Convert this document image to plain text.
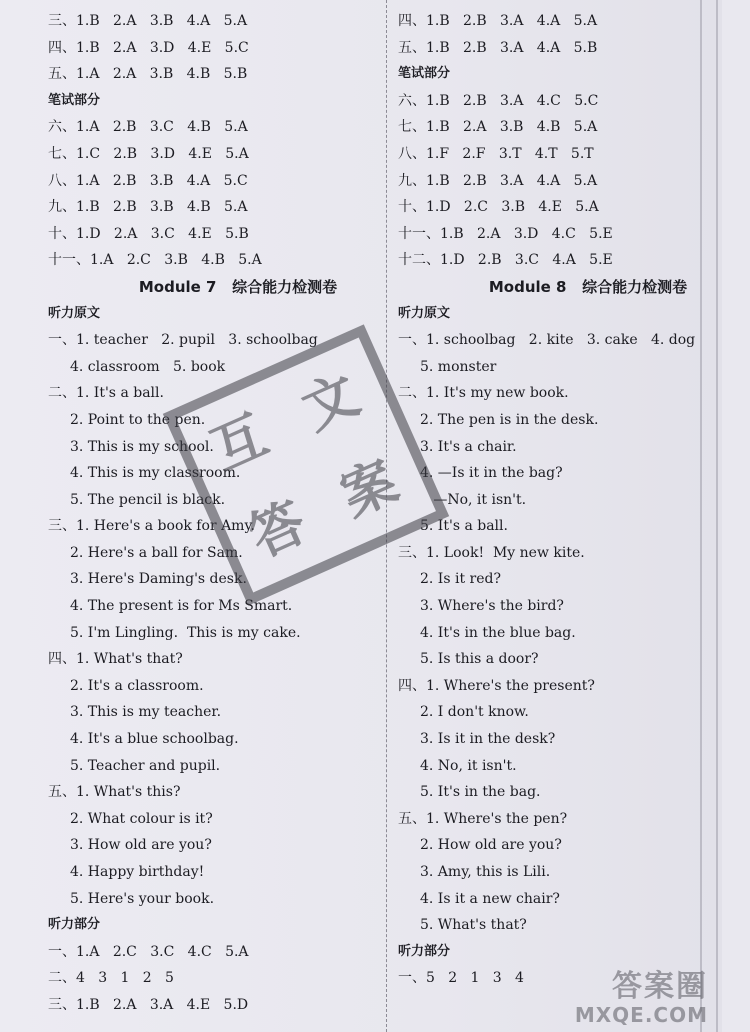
三、1.B   2.A   3.B   4.A   5.A
四、1.B   2.A   3.D   4.E   5.C
五、1.A   2.A   3.B   4.B   5.B
笔试部分
六、1.A   2.B   3.C   4.B   5.A
七、1.C   2.B   3.D   4.E   5.A
八、1.A   2.B   3.B   4.A   5.C
九、1.B   2.B   3.B   4.B   5.A
十、1.D   2.A   3.C   4.E   5.B
十一、1.A   2.C   3.B   4.B   5.A
Module 7   综合能力检测卷
听力原文
一、1. teacher   2. pupil   3. schoolbag
4. classroom   5. book
二、1. It's a ball.
2. Point to the pen.
3. This is my school.
4. This is my classroom.
5. The pencil is black.
三、1. Here's a book for Amy.
2. Here's a ball for Sam.
3. Here's Daming's desk.
4. The present is for Ms Smart.
5. I'm Lingling.  This is my cake.
四、1. What's that?
2. It's a classroom.
3. This is my teacher.
4. It's a blue schoolbag.
5. Teacher and pupil.
五、1. What's this?
2. What colour is it?
3. How old are you?
4. Happy birthday!
5. Here's your book.
听力部分
一、1.A   2.C   3.C   4.C   5.A
二、4   3   1   2   5
三、1.B   2.A   3.A   4.E   5.D
四、1.B   2.B   3.A   4.A   5.A
五、1.B   2.B   3.A   4.A   5.B
笔试部分
六、1.B   2.B   3.A   4.C   5.C
七、1.B   2.A   3.B   4.B   5.A
八、1.F   2.F   3.T   4.T   5.T
九、1.B   2.B   3.A   4.A   5.A
十、1.D   2.C   3.B   4.E   5.A
十一、1.B   2.A   3.D   4.C   5.E
十二、1.D   2.B   3.C   4.A   5.E
Module 8   综合能力检测卷
听力原文
一、1. schoolbag   2. kite   3. cake   4. dog
5. monster
二、1. It's my new book.
2. The pen is in the desk.
3. It's a chair.
4. —Is it in the bag?
—No, it isn't.
5. It's a ball.
三、1. Look!  My new kite.
2. Is it red?
3. Where's the bird?
4. It's in the blue bag.
5. Is this a door?
四、1. Where's the present?
2. I don't know.
3. Is it in the desk?
4. No, it isn't.
5. It's in the bag.
五、1. Where's the pen?
2. How old are you?
3. Amy, this is Lili.
4. Is it a new chair?
5. What's that?
听力部分
一、5   2   1   3   4
互
文
答
案
答案圈
MXQE.COM
